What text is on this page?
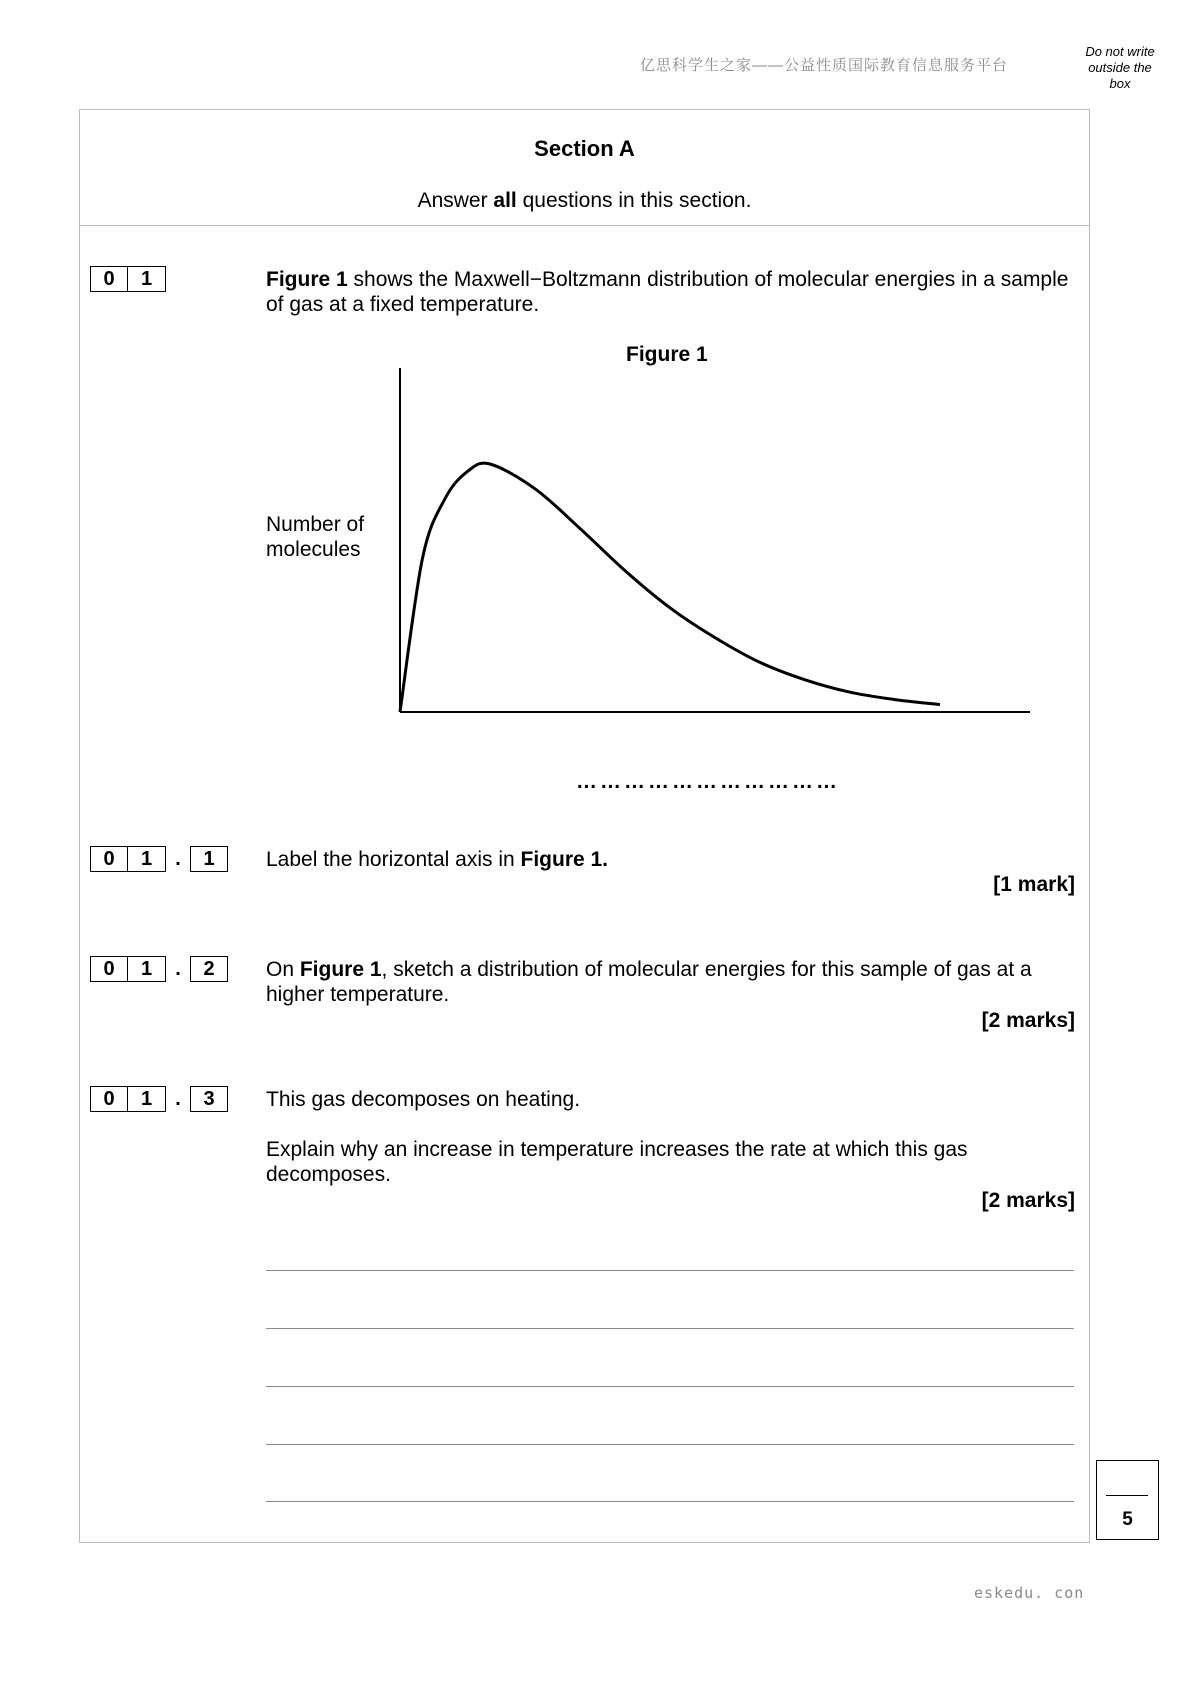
亿思科学生之家——公益性质国际教育信息服务平台
Do not write
outside the
box
Section A
Answer all questions in this section.
0	1	Figure 1 shows the Maxwell−Boltzmann distribution of molecular energies in a sample of gas at a fixed temperature.
Figure 1
Number of
molecules
……………………………
0	1	.	1	Label the horizontal axis in Figure 1.
[1 mark]
0	1	.	2	On Figure 1, sketch a distribution of molecular energies for this sample of gas at a higher temperature.
[2 marks]
0	1	.	3	This gas decomposes on heating.
Explain why an increase in temperature increases the rate at which this gas decomposes.
[2 marks]
5
eskedu. con
